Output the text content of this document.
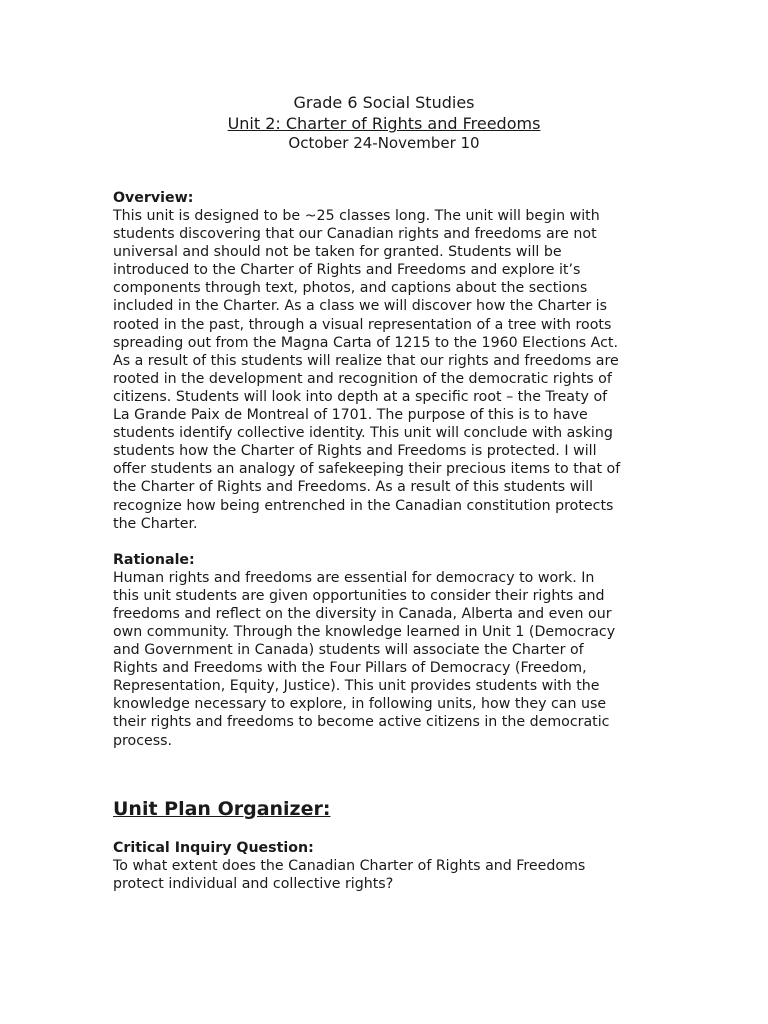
Grade 6 Social Studies
Unit 2: Charter of Rights and Freedoms
October 24-November 10

Overview:

This unit is designed to be ~25 classes long. The unit will begin with
students discovering that our Canadian rights and freedoms are not
universal and should not be taken for granted. Students will be
introduced to the Charter of Rights and Freedoms and explore it’s
components through text, photos, and captions about the sections
included in the Charter. As a class we will discover how the Charter is
rooted in the past, through a visual representation of a tree with roots
spreading out from the Magna Carta of 1215 to the 1960 Elections Act.
As a result of this students will realize that our rights and freedoms are
rooted in the development and recognition of the democratic rights of
citizens. Students will look into depth at a specific root – the Treaty of
La Grande Paix de Montreal of 1701. The purpose of this is to have
students identify collective identity. This unit will conclude with asking
students how the Charter of Rights and Freedoms is protected. I will
offer students an analogy of safekeeping their precious items to that of
the Charter of Rights and Freedoms. As a result of this students will
recognize how being entrenched in the Canadian constitution protects
the Charter.

Rationale:

Human rights and freedoms are essential for democracy to work. In
this unit students are given opportunities to consider their rights and
freedoms and reflect on the diversity in Canada, Alberta and even our
own community. Through the knowledge learned in Unit 1 (Democracy
and Government in Canada) students will associate the Charter of
Rights and Freedoms with the Four Pillars of Democracy (Freedom,
Representation, Equity, Justice). This unit provides students with the
knowledge necessary to explore, in following units, how they can use
their rights and freedoms to become active citizens in the democratic
process.

Unit Plan Organizer:

Critical Inquiry Question:

To what extent does the Canadian Charter of Rights and Freedoms
protect individual and collective rights?
